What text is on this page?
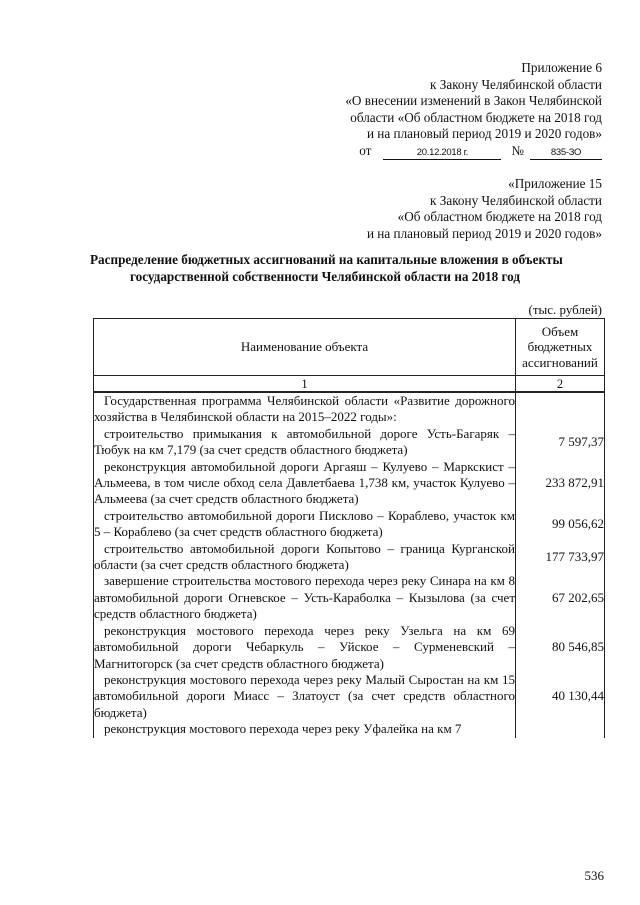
Приложение 6
к Закону Челябинской области
«О внесении изменений в Закон Челябинской
области «Об областном бюджете на 2018 год
и на плановый период 2019 и 2020 годов»
от	20.12.2018 г.	№	835-ЗО
«Приложение 15
к Закону Челябинской области
«Об областном бюджете на 2018 год
и на плановый период 2019 и 2020 годов»
Распределение бюджетных ассигнований на капитальные вложения в объекты
государственной собственности Челябинской области на 2018 год
(тыс. рублей)
Наименование объекта	Объем
бюджетных
ассигнований

1	2

Государственная программа Челябинской области «Развитие дорожного хозяйства в Челябинской области на 2015–2022 годы»:	

строительство примыкания к автомобильной дороге Усть-Багаряк – Тюбук на км 7,179 (за счет средств областного бюджета)	7 597,37

реконструкция автомобильной дороги Аргаяш – Кулуево – Маркскист – Альмеева, в том числе обход села Давлетбаева 1,738 км, участок Кулуево – Альмеева (за счет средств областного бюджета)	233 872,91

строительство автомобильной дороги Писклово – Кораблево, участок км 5 – Кораблево (за счет средств областного бюджета)	99 056,62

строительство автомобильной дороги Копытово – граница Курганской области (за счет средств областного бюджета)	177 733,97

завершение строительства мостового перехода через реку Синара на км 8 автомобильной дороги Огневское – Усть-Караболка – Кызылова (за счет средств областного бюджета)	67 202,65

реконструкция мостового перехода через реку Узельга на км 69 автомобильной дороги Чебаркуль – Уйское – Сурменевский – Магнитогорск (за счет средств областного бюджета)	80 546,85

реконструкция мостового перехода через реку Малый Сыростан на км 15 автомобильной дороги Миасс – Златоуст (за счет средств областного бюджета)	40 130,44

реконструкция мостового перехода через реку Уфалейка на км 7	

536
